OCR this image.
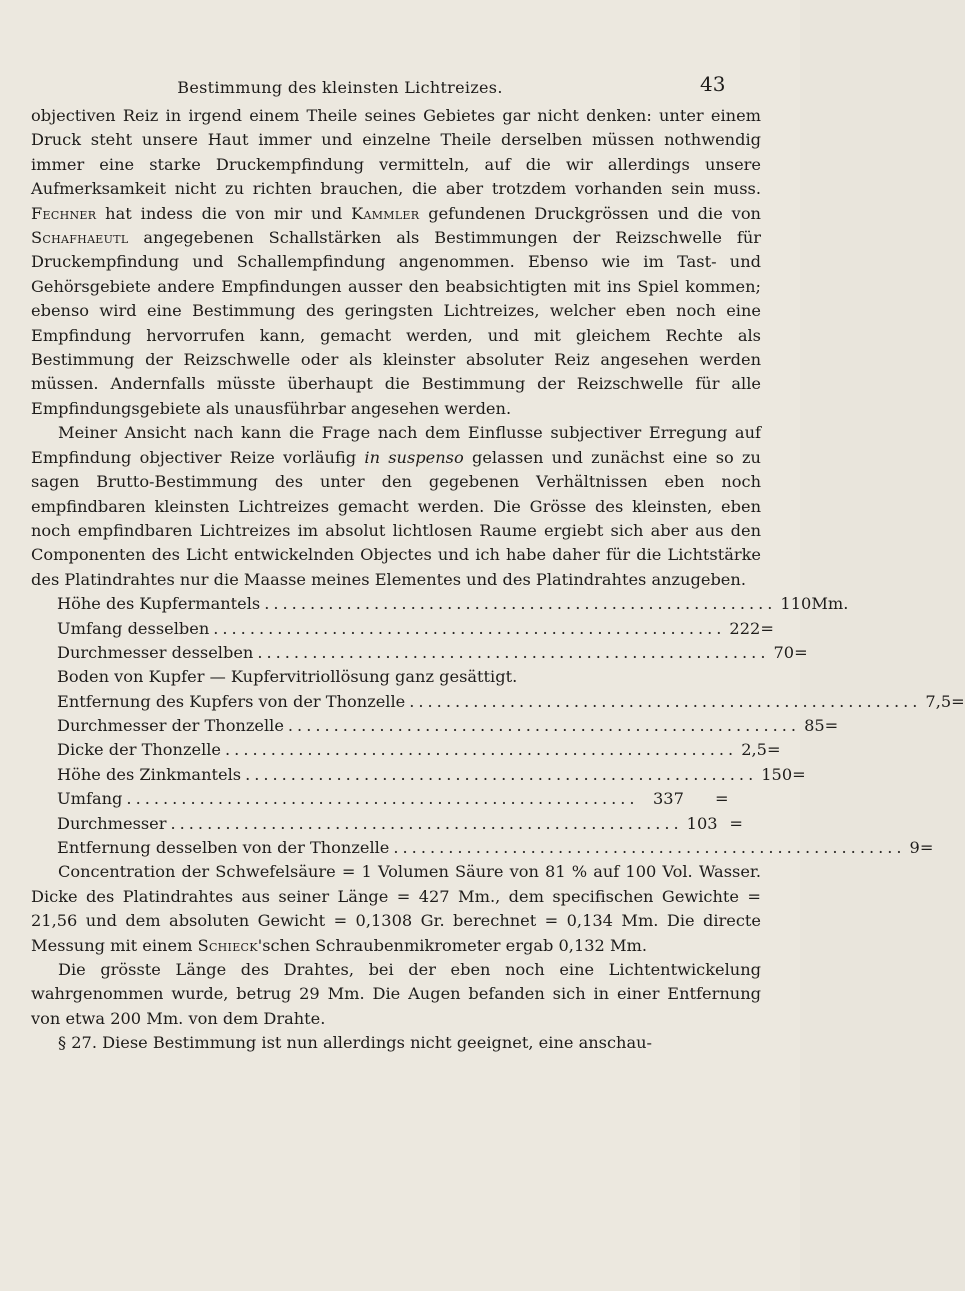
Bestimmung des kleinsten Lichtreizes.	43

objectiven Reiz in irgend einem Theile seines Gebietes gar nicht denken: unter einem Druck steht unsere Haut immer und einzelne Theile derselben müssen nothwendig immer eine starke Druckempfindung vermitteln, auf die wir allerdings unsere Aufmerksamkeit nicht zu richten brauchen, die aber trotzdem vorhanden sein muss. Fechner hat indess die von mir und Kammler gefundenen Druckgrössen und die von Schafhaeutl angegebenen Schallstärken als Bestimmungen der Reizschwelle für Druckempfindung und Schallempfindung angenommen. Ebenso wie im Tast- und Gehörsgebiete andere Empfindungen ausser den beabsichtigten mit ins Spiel kommen; ebenso wird eine Bestimmung des geringsten Lichtreizes, welcher eben noch eine Empfindung hervorrufen kann, gemacht werden, und mit gleichem Rechte als Bestimmung der Reizschwelle oder als kleinster absoluter Reiz angesehen werden müssen. Andernfalls müsste überhaupt die Bestimmung der Reizschwelle für alle Empfindungsgebiete als unausführbar angesehen werden.

Meiner Ansicht nach kann die Frage nach dem Einflusse subjectiver Erregung auf Empfindung objectiver Reize vorläufig in suspenso gelassen und zunächst eine so zu sagen Brutto-Bestimmung des unter den gegebenen Verhältnissen eben noch empfindbaren kleinsten Lichtreizes gemacht werden. Die Grösse des kleinsten, eben noch empfindbaren Lichtreizes im absolut lichtlosen Raume ergiebt sich aber aus den Componenten des Licht entwickelnden Objectes und ich habe daher für die Lichtstärke des Platindrahtes nur die Maasse meines Elementes und des Platindrahtes anzugeben.

Höhe des Kupfermantels ........................................................ 110 Mm.
Umfang desselben ........................................................ 222 =
Durchmesser desselben ........................................................ 70 =
Boden von Kupfer — Kupfervitriollösung ganz gesättigt.
Entfernung des Kupfers von der Thonzelle ........................................................ 7,5 =
Durchmesser der Thonzelle ........................................................ 85 =
Dicke der Thonzelle ........................................................ 2,5 =
Höhe des Zinkmantels ........................................................ 150 =
Umfang ........................................................ 337	=
Durchmesser ........................................................ 103 =
Entfernung desselben von der Thonzelle ........................................................ 9 =

Concentration der Schwefelsäure = 1 Volumen Säure von 81 % auf 100 Vol. Wasser. Dicke des Platindrahtes aus seiner Länge = 427 Mm., dem specifischen Gewichte = 21,56 und dem absoluten Gewicht = 0,1308 Gr. berechnet = 0,134 Mm. Die directe Messung mit einem Schieck'schen Schraubenmikrometer ergab 0,132 Mm.

Die grösste Länge des Drahtes, bei der eben noch eine Lichtentwickelung wahrgenommen wurde, betrug 29 Mm. Die Augen befanden sich in einer Entfernung von etwa 200 Mm. von dem Drahte.

§ 27. Diese Bestimmung ist nun allerdings nicht geeignet, eine anschau-
